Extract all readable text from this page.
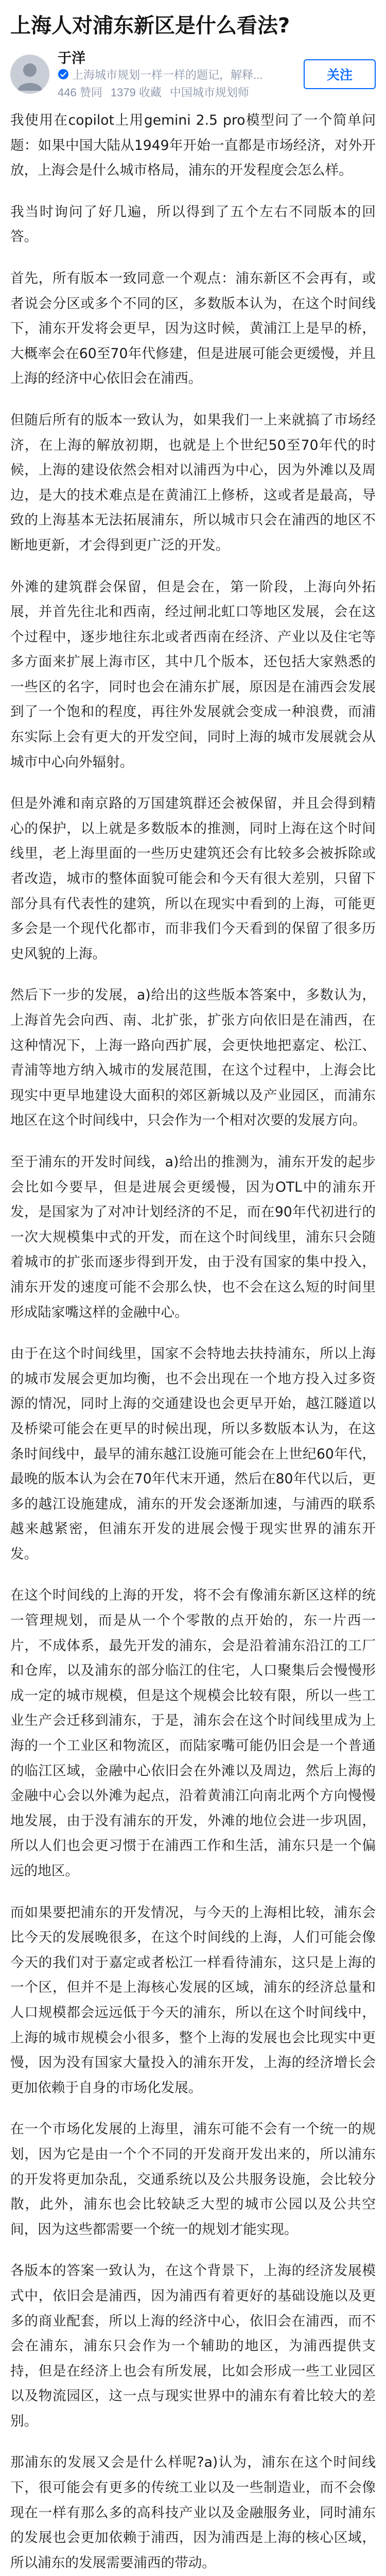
上海人对浦东新区是什么看法?
于洋
上海城市规划一样一样的题记，解释...
446 赞同 1379 收藏 中国城市规划师
关注

我使用在copilot上用gemini 2.5 pro模型问了一个简单问题：如果中国大陆从1949年开始一直都是市场经济，对外开放，上海会是什么城市格局，浦东的开发程度会怎么样。

我当时询问了好几遍，所以得到了五个左右不同版本的回答。

首先，所有版本一致同意一个观点：浦东新区不会再有，或者说会分区或多个不同的区，多数版本认为，在这个时间线下，浦东开发将会更早，因为这时候，黄浦江上是早的桥，大概率会在60至70年代修建，但是进展可能会更缓慢，并且上海的经济中心依旧会在浦西。

但随后所有的版本一致认为，如果我们一上来就搞了市场经济，在上海的解放初期，也就是上个世纪50至70年代的时候，上海的建设依然会相对以浦西为中心，因为外滩以及周边，是大的技术难点是在黄浦江上修桥，这或者是最高，导致的上海基本无法拓展浦东，所以城市只会在浦西的地区不断地更新，才会得到更广泛的开发。

外滩的建筑群会保留，但是会在，第一阶段，上海向外拓展，并首先往北和西南，经过闸北虹口等地区发展，会在这个过程中，逐步地往东北或者西南在经济、产业以及住宅等多方面来扩展上海市区，其中几个版本，还包括大家熟悉的一些区的名字，同时也会在浦东扩展，原因是在浦西会发展到了一个饱和的程度，再往外发展就会变成一种浪费，而浦东实际上会有更大的开发空间，同时上海的城市发展就会从城市中心向外辐射。

但是外滩和南京路的万国建筑群还会被保留，并且会得到精心的保护，以上就是多数版本的推测，同时上海在这个时间线里，老上海里面的一些历史建筑还会有比较多会被拆除或者改造，城市的整体面貌可能会和今天有很大差别，只留下部分具有代表性的建筑，所以在现实中看到的上海，可能更多会是一个现代化都市，而非我们今天看到的保留了很多历史风貌的上海。

然后下一步的发展，a)给出的这些版本答案中，多数认为，上海首先会向西、南、北扩张，扩张方向依旧是在浦西，在这种情况下，上海一路向西扩展，会更快地把嘉定、松江、青浦等地方纳入城市的发展范围，在这个过程中，上海会比现实中更早地建设大面积的郊区新城以及产业园区，而浦东地区在这个时间线中，只会作为一个相对次要的发展方向。

至于浦东的开发时间线，a)给出的推测为，浦东开发的起步会比如今要早，但是进展会更缓慢，因为OTL中的浦东开发，是国家为了对冲计划经济的不足，而在90年代初进行的一次大规模集中式的开发，而在这个时间线里，浦东只会随着城市的扩张而逐步得到开发，由于没有国家的集中投入，浦东开发的速度可能不会那么快，也不会在这么短的时间里形成陆家嘴这样的金融中心。

由于在这个时间线里，国家不会特地去扶持浦东，所以上海的城市发展会更加均衡，也不会出现在一个地方投入过多资源的情况，同时上海的交通建设也会更早开始，越江隧道以及桥梁可能会在更早的时候出现，所以多数版本认为，在这条时间线中，最早的浦东越江设施可能会在上世纪60年代，最晚的版本认为会在70年代末开通，然后在80年代以后，更多的越江设施建成，浦东的开发会逐渐加速，与浦西的联系越来越紧密，但浦东开发的进展会慢于现实世界的浦东开发。

在这个时间线的上海的开发，将不会有像浦东新区这样的统一管理规划，而是从一个个零散的点开始的，东一片西一片，不成体系，最先开发的浦东，会是沿着浦东沿江的工厂和仓库，以及浦东的部分临江的住宅，人口聚集后会慢慢形成一定的城市规模，但是这个规模会比较有限，所以一些工业生产会迁移到浦东，于是，浦东会在这个时间线里成为上海的一个工业区和物流区，而陆家嘴可能仍旧会是一个普通的临江区域，金融中心依旧会在外滩以及周边，然后上海的金融中心会以外滩为起点，沿着黄浦江向南北两个方向慢慢地发展，由于没有浦东的开发，外滩的地位会进一步巩固，所以人们也会更习惯于在浦西工作和生活，浦东只是一个偏远的地区。

而如果要把浦东的开发情况，与今天的上海相比较，浦东会比今天的发展晚很多，在这个时间线的上海，人们可能会像今天的我们对于嘉定或者松江一样看待浦东，这只是上海的一个区，但并不是上海核心发展的区域，浦东的经济总量和人口规模都会远远低于今天的浦东，所以在这个时间线中，上海的城市规模会小很多，整个上海的发展也会比现实中更慢，因为没有国家大量投入的浦东开发，上海的经济增长会更加依赖于自身的市场化发展。

在一个市场化发展的上海里，浦东可能不会有一个统一的规划，因为它是由一个个不同的开发商开发出来的，所以浦东的开发将更加杂乱，交通系统以及公共服务设施，会比较分散，此外，浦东也会比较缺乏大型的城市公园以及公共空间，因为这些都需要一个统一的规划才能实现。

各版本的答案一致认为，在这个背景下，上海的经济发展模式中，依旧会是浦西，因为浦西有着更好的基础设施以及更多的商业配套，所以上海的经济中心，依旧会在浦西，而不会在浦东，浦东只会作为一个辅助的地区，为浦西提供支持，但是在经济上也会有所发展，比如会形成一些工业园区以及物流园区，这一点与现实世界中的浦东有着比较大的差别。

那浦东的发展又会是什么样呢?a)认为，浦东在这个时间线下，很可能会有更多的传统工业以及一些制造业，而不会像现在一样有那么多的高科技产业以及金融服务业，同时浦东的发展也会更加依赖于浦西，因为浦西是上海的核心区域，所以浦东的发展需要浦西的带动。
